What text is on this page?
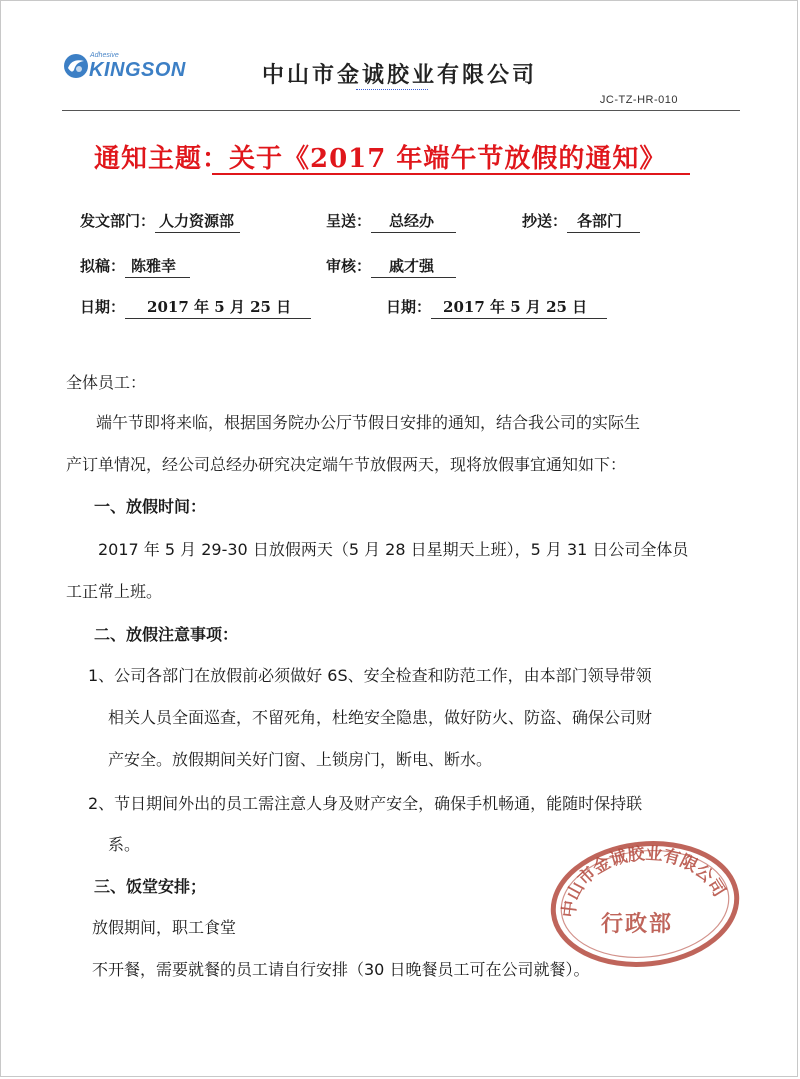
Adhesive
KINGSON	中山市金诚胶业有限公司
JC-TZ-HR-010
通知主题：关于《2017 年端午节放假的通知》
发文部门： 人力资源部	呈送： 总经办	抄送： 各部门
拟稿： 陈雅幸	审核： 戚才强
日期： 2017 年 5 月 25 日	日期： 2017 年 5 月 25 日
全体员工：
端午节即将来临，根据国务院办公厅节假日安排的通知，结合我公司的实际生
产订单情况，经公司总经办研究决定端午节放假两天，现将放假事宜通知如下：
一、放假时间：
2017 年 5 月 29-30 日放假两天（5 月 28 日星期天上班），5 月 31 日公司全体员
工正常上班。
二、放假注意事项：
1、公司各部门在放假前必须做好 6S、安全检查和防范工作，由本部门领导带领
相关人员全面巡查，不留死角，杜绝安全隐患，做好防火、防盗、确保公司财
产安全。放假期间关好门窗、上锁房门，断电、断水。
2、节日期间外出的员工需注意人身及财产安全，确保手机畅通，能随时保持联
系。
三、饭堂安排；
放假期间，职工食堂
不开餐，需要就餐的员工请自行安排（30 日晚餐员工可在公司就餐）。
中山市金诚胶业有限公司
行政部
